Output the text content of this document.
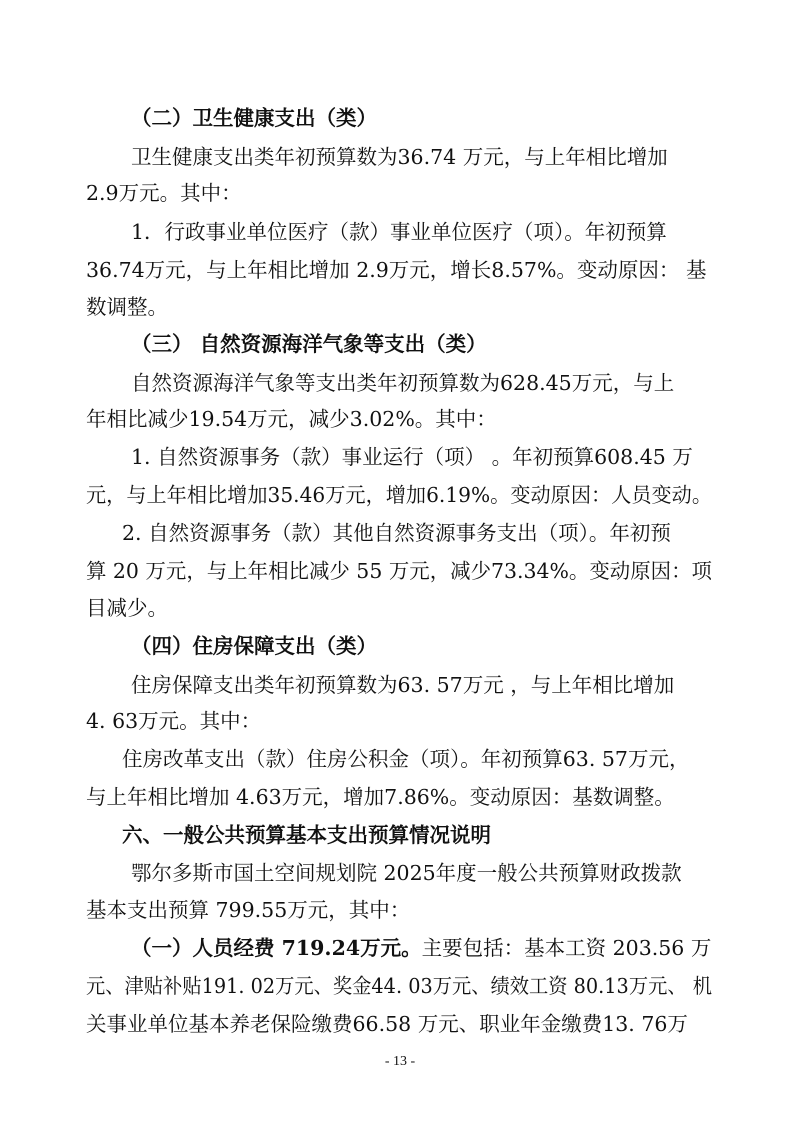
（二）卫生健康支出（类）
卫生健康支出类年初预算数为36.74 万元，与上年相比增加
2.9万元。其中：
1．行政事业单位医疗（款）事业单位医疗（项）。年初预算
36.74万元，与上年相比增加 2.9万元，增长8.57%。变动原因： 基
数调整。
（三） 自然资源海洋气象等支出（类）
自然资源海洋气象等支出类年初预算数为628.45万元，与上
年相比减少19.54万元，减少3.02%。其中：
1. 自然资源事务（款）事业运行（项） 。年初预算608.45 万
元，与上年相比增加35.46万元，增加6.19%。变动原因：人员变动。
2. 自然资源事务（款）其他自然资源事务支出（项）。年初预
算 20 万元，与上年相比减少 55 万元，减少73.34%。变动原因：项
目减少。
（四）住房保障支出（类）
住房保障支出类年初预算数为63. 57万元 ，与上年相比增加
4. 63万元。其中：
住房改革支出（款）住房公积金（项）。年初预算63. 57万元，
与上年相比增加 4.63万元，增加7.86%。变动原因：基数调整。
六、一般公共预算基本支出预算情况说明
鄂尔多斯市国土空间规划院 2025年度一般公共预算财政拨款
基本支出预算 799.55万元，其中：
（一）人员经费 719.24万元。主要包括：基本工资 203.56 万
元、津贴补贴191. 02万元、奖金44. 03万元、绩效工资 80.13万元、 机
关事业单位基本养老保险缴费66.58 万元、职业年金缴费13. 76万
- 13 -
